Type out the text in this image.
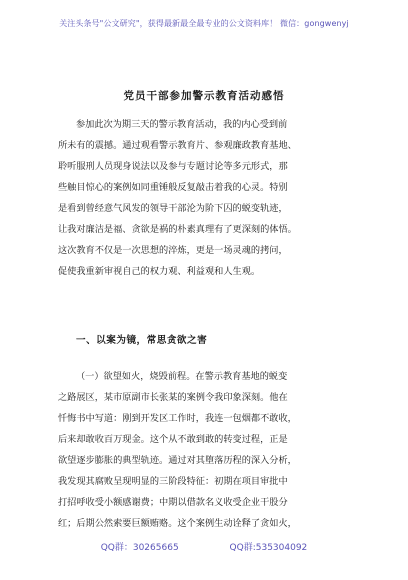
关注头条号"公文研究"，获得最新最全最专业的公文资料库！ 微信：gongwenyj
党员干部参加警示教育活动感悟
参加此次为期三天的警示教育活动，我的内心受到前
所未有的震撼。通过观看警示教育片、参观廉政教育基地、
聆听服刑人员现身说法以及参与专题讨论等多元形式，那
些触目惊心的案例如同重锤般反复敲击着我的心灵。特别
是看到曾经意气风发的领导干部沦为阶下囚的蜕变轨迹，
让我对廉洁是福、贪欲是祸的朴素真理有了更深刻的体悟。
这次教育不仅是一次思想的淬炼，更是一场灵魂的拷问，
促使我重新审视自己的权力观、利益观和人生观。
一、以案为镜，常思贪欲之害
（一）欲望如火，烧毁前程。在警示教育基地的蜕变
之路展区，某市原副市长张某的案例令我印象深刻。他在
忏悔书中写道：刚到开发区工作时，我连一包烟都不敢收，
后来却敢收百万现金。这个从不敢到敢的转变过程，正是
欲望逐步膨胀的典型轨迹。通过对其堕落历程的深入分析，
我发现其腐败呈现明显的三阶段特征：初期在项目审批中
打招呼收受小额感谢费；中期以借款名义收受企业干股分
红；后期公然索要巨额贿赂。这个案例生动诠释了贪如火，
QQ群：30265665	QQ群:535304092
